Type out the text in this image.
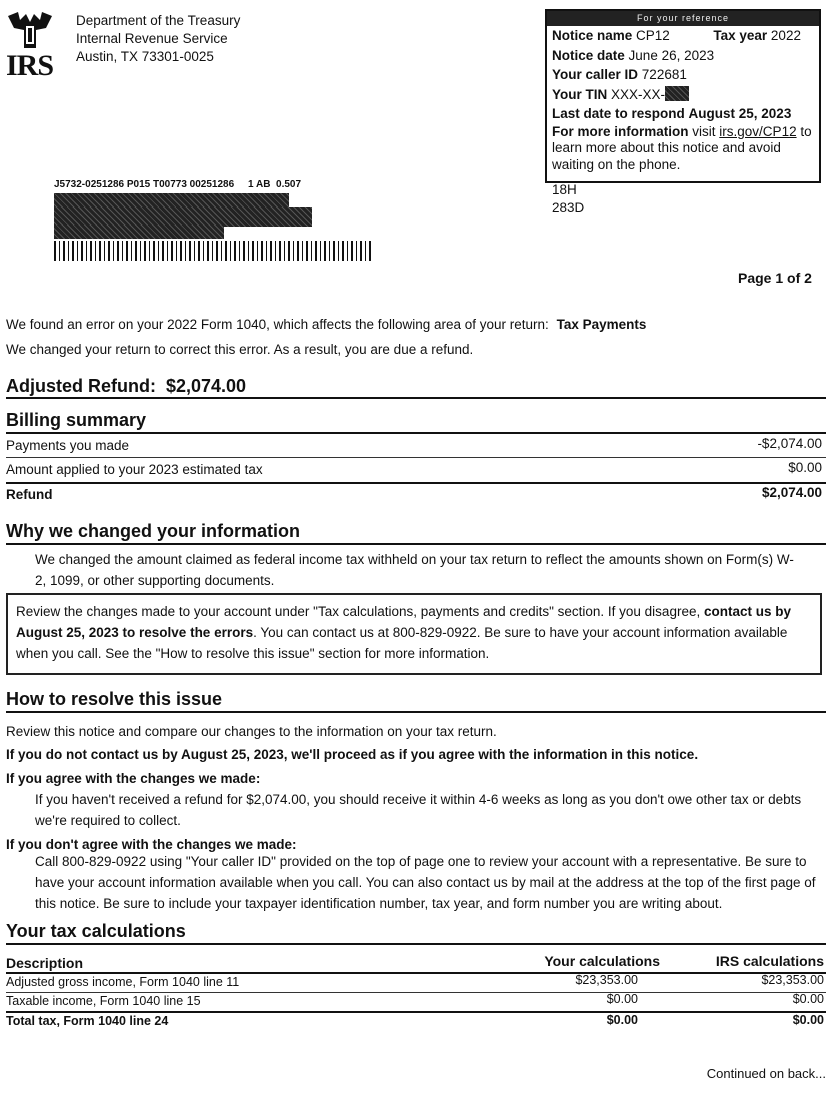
IRS
Department of the Treasury
Internal Revenue Service
Austin, TX 73301-0025
For your reference
Notice name CP12	Tax year 2022
Notice date June 26, 2023
Your caller ID 722681
Your TIN XXX-XX-
Last date to respond August 25, 2023
For more information visit irs.gov/CP12 to learn more about this notice and avoid waiting on the phone.
18H
283D
J5732-0251286 P015 T00773 00251286     1 AB  0.507
Page 1 of 2
We found an error on your 2022 Form 1040, which affects the following area of your return: Tax Payments
We changed your return to correct this error. As a result, you are due a refund.
Adjusted Refund:  $2,074.00
Billing summary
Payments you made	-$2,074.00
Amount applied to your 2023 estimated tax	$0.00
Refund	$2,074.00
Why we changed your information
We changed the amount claimed as federal income tax withheld on your tax return to reflect the amounts shown on Form(s) W-2, 1099, or other supporting documents.

Review the changes made to your account under "Tax calculations, payments and credits" section. If you disagree, contact us by August 25, 2023 to resolve the errors. You can contact us at 800-829-0922. Be sure to have your account information available when you call. See the "How to resolve this issue" section for more information.

How to resolve this issue
Review this notice and compare our changes to the information on your tax return.
If you do not contact us by August 25, 2023, we'll proceed as if you agree with the information in this notice.
If you agree with the changes we made:
If you haven't received a refund for $2,074.00, you should receive it within 4-6 weeks as long as you don't owe other tax or debts we're required to collect.
If you don't agree with the changes we made:
Call 800-829-0922 using "Your caller ID" provided on the top of page one to review your account with a representative. Be sure to have your account information available when you call. You can also contact us by mail at the address at the top of the first page of this notice. Be sure to include your taxpayer identification number, tax year, and form number you are writing about.
Your tax calculations
Description	Your calculations	IRS calculations
Adjusted gross income, Form 1040 line 11	$23,353.00	$23,353.00
Taxable income, Form 1040 line 15	$0.00	$0.00
Total tax, Form 1040 line 24	$0.00	$0.00
Continued on back...
